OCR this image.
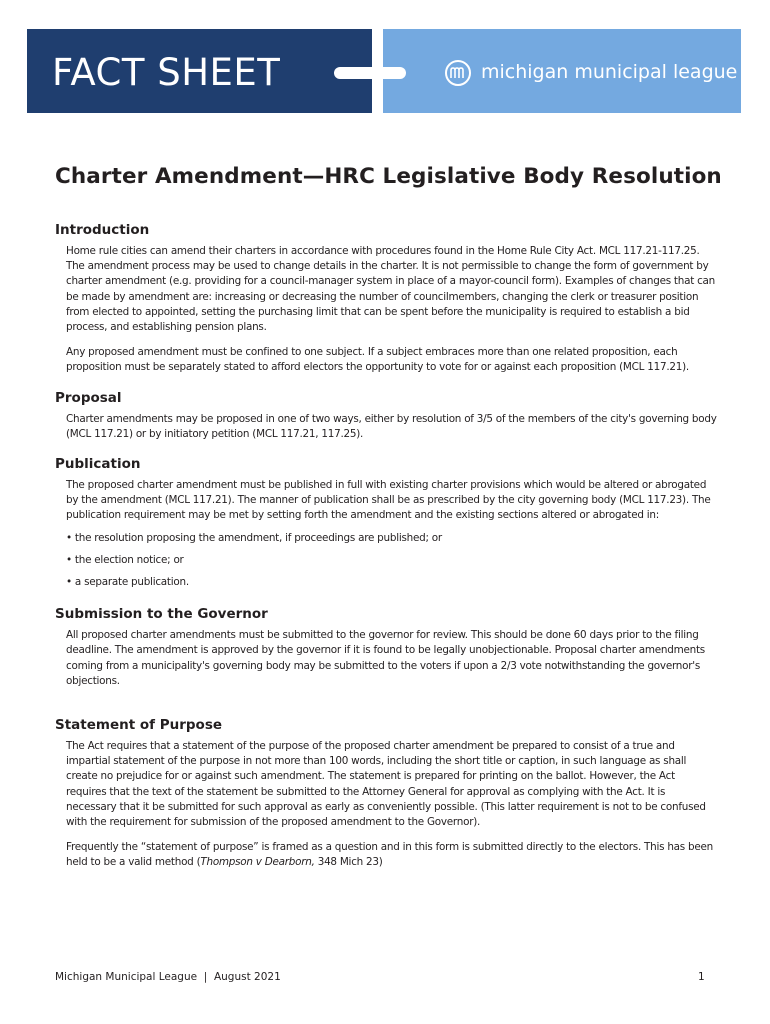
FACT SHEET	michigan municipal league
Charter Amendment—HRC Legislative Body Resolution
Introduction

Home rule cities can amend their charters in accordance with procedures found in the Home Rule City Act. MCL 117.21-117.25. The amendment process may be used to change details in the charter. It is not permissible to change the form of government by charter amendment (e.g. providing for a council-manager system in place of a mayor-council form). Examples of changes that can be made by amendment are: increasing or decreasing the number of councilmembers, changing the clerk or treasurer position from elected to appointed, setting the purchasing limit that can be spent before the municipality is required to establish a bid process, and establishing pension plans.

Any proposed amendment must be confined to one subject. If a subject embraces more than one related proposition, each proposition must be separately stated to afford electors the opportunity to vote for or against each proposition (MCL 117.21).

Proposal

Charter amendments may be proposed in one of two ways, either by resolution of 3/5 of the members of the city's governing body (MCL 117.21) or by initiatory petition (MCL 117.21, 117.25).

Publication

The proposed charter amendment must be published in full with existing charter provisions which would be altered or abrogated by the amendment (MCL 117.21). The manner of publication shall be as prescribed by the city governing body (MCL 117.23). The publication requirement may be met by setting forth the amendment and the existing sections altered or abrogated in:

• the resolution proposing the amendment, if proceedings are published; or
• the election notice; or
• a separate publication.
Submission to the Governor

All proposed charter amendments must be submitted to the governor for review. This should be done 60 days prior to the filing deadline. The amendment is approved by the governor if it is found to be legally unobjectionable. Proposal charter amendments coming from a municipality's governing body may be submitted to the voters if upon a 2/3 vote notwithstanding the governor's objections.

Statement of Purpose

The Act requires that a statement of the purpose of the proposed charter amendment be prepared to consist of a true and impartial statement of the purpose in not more than 100 words, including the short title or caption, in such language as shall create no prejudice for or against such amendment. The statement is prepared for printing on the ballot. However, the Act requires that the text of the statement be submitted to the Attorney General for approval as complying with the Act. It is necessary that it be submitted for such approval as early as conveniently possible. (This latter requirement is not to be confused with the requirement for submission of the proposed amendment to the Governor).

Frequently the “statement of purpose” is framed as a question and in this form is submitted directly to the electors. This has been held to be a valid method (Thompson v Dearborn, 348 Mich 23)

Michigan Municipal League  |  August 2021	1
